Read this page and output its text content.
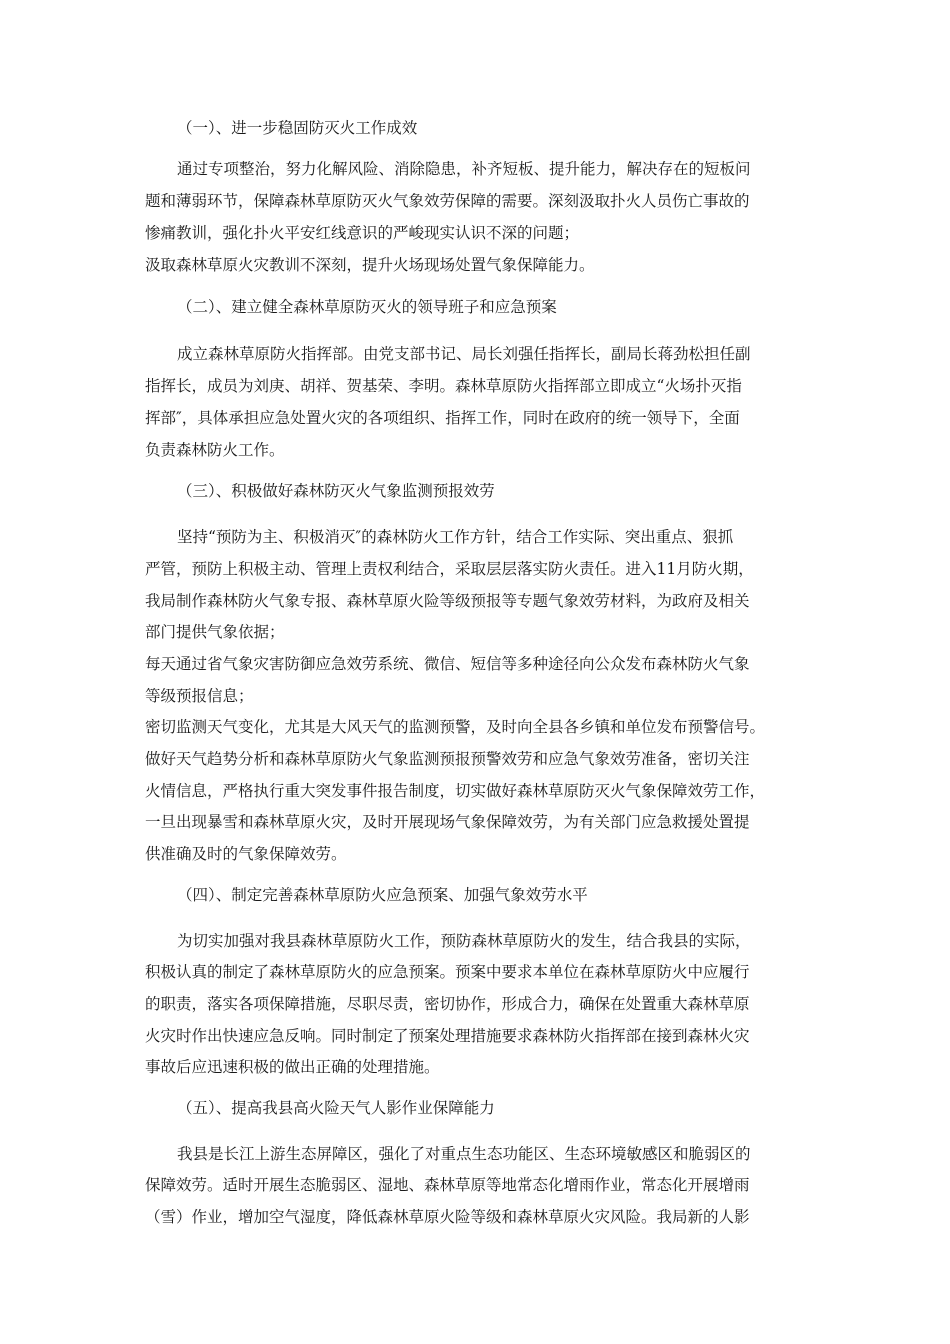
（一）、进一步稳固防灭火工作成效
通过专项整治，努力化解风险、消除隐患，补齐短板、提升能力，解决存在的短板问
题和薄弱环节，保障森林草原防灭火气象效劳保障的需要。深刻汲取扑火人员伤亡事故的
惨痛教训，强化扑火平安红线意识的严峻现实认识不深的问题；
汲取森林草原火灾教训不深刻，提升火场现场处置气象保障能力。
（二）、建立健全森林草原防灭火的领导班子和应急预案
成立森林草原防火指挥部。由党支部书记、局长刘强任指挥长，副局长蒋劲松担任副
指挥长，成员为刘庚、胡祥、贺基荣、李明。森林草原防火指挥部立即成立“火场扑灭指
挥部″，具体承担应急处置火灾的各项组织、指挥工作，同时在政府的统一领导下，全面
负责森林防火工作。
（三）、积极做好森林防灭火气象监测预报效劳
坚持“预防为主、积极消灭″的森林防火工作方针，结合工作实际、突出重点、狠抓
严管，预防上积极主动、管理上责权利结合，采取层层落实防火责任。进入11月防火期，
我局制作森林防火气象专报、森林草原火险等级预报等专题气象效劳材料，为政府及相关
部门提供气象依据；
每天通过省气象灾害防御应急效劳系统、微信、短信等多种途径向公众发布森林防火气象
等级预报信息；
密切监测天气变化，尤其是大风天气的监测预警，及时向全县各乡镇和单位发布预警信号。
做好天气趋势分析和森林草原防火气象监测预报预警效劳和应急气象效劳准备，密切关注
火情信息，严格执行重大突发事件报告制度，切实做好森林草原防灭火气象保障效劳工作，
一旦出现暴雪和森林草原火灾，及时开展现场气象保障效劳，为有关部门应急救援处置提
供准确及时的气象保障效劳。
（四）、制定完善森林草原防火应急预案、加强气象效劳水平
为切实加强对我县森林草原防火工作，预防森林草原防火的发生，结合我县的实际，
积极认真的制定了森林草原防火的应急预案。预案中要求本单位在森林草原防火中应履行
的职责，落实各项保障措施，尽职尽责，密切协作，形成合力，确保在处置重大森林草原
火灾时作出快速应急反响。同时制定了预案处理措施要求森林防火指挥部在接到森林火灾
事故后应迅速积极的做出正确的处理措施。
（五）、提高我县高火险天气人影作业保障能力
我县是长江上游生态屏障区，强化了对重点生态功能区、生态环境敏感区和脆弱区的
保障效劳。适时开展生态脆弱区、湿地、森林草原等地常态化增雨作业，常态化开展增雨
（雪）作业，增加空气湿度，降低森林草原火险等级和森林草原火灾风险。我局新的人影
